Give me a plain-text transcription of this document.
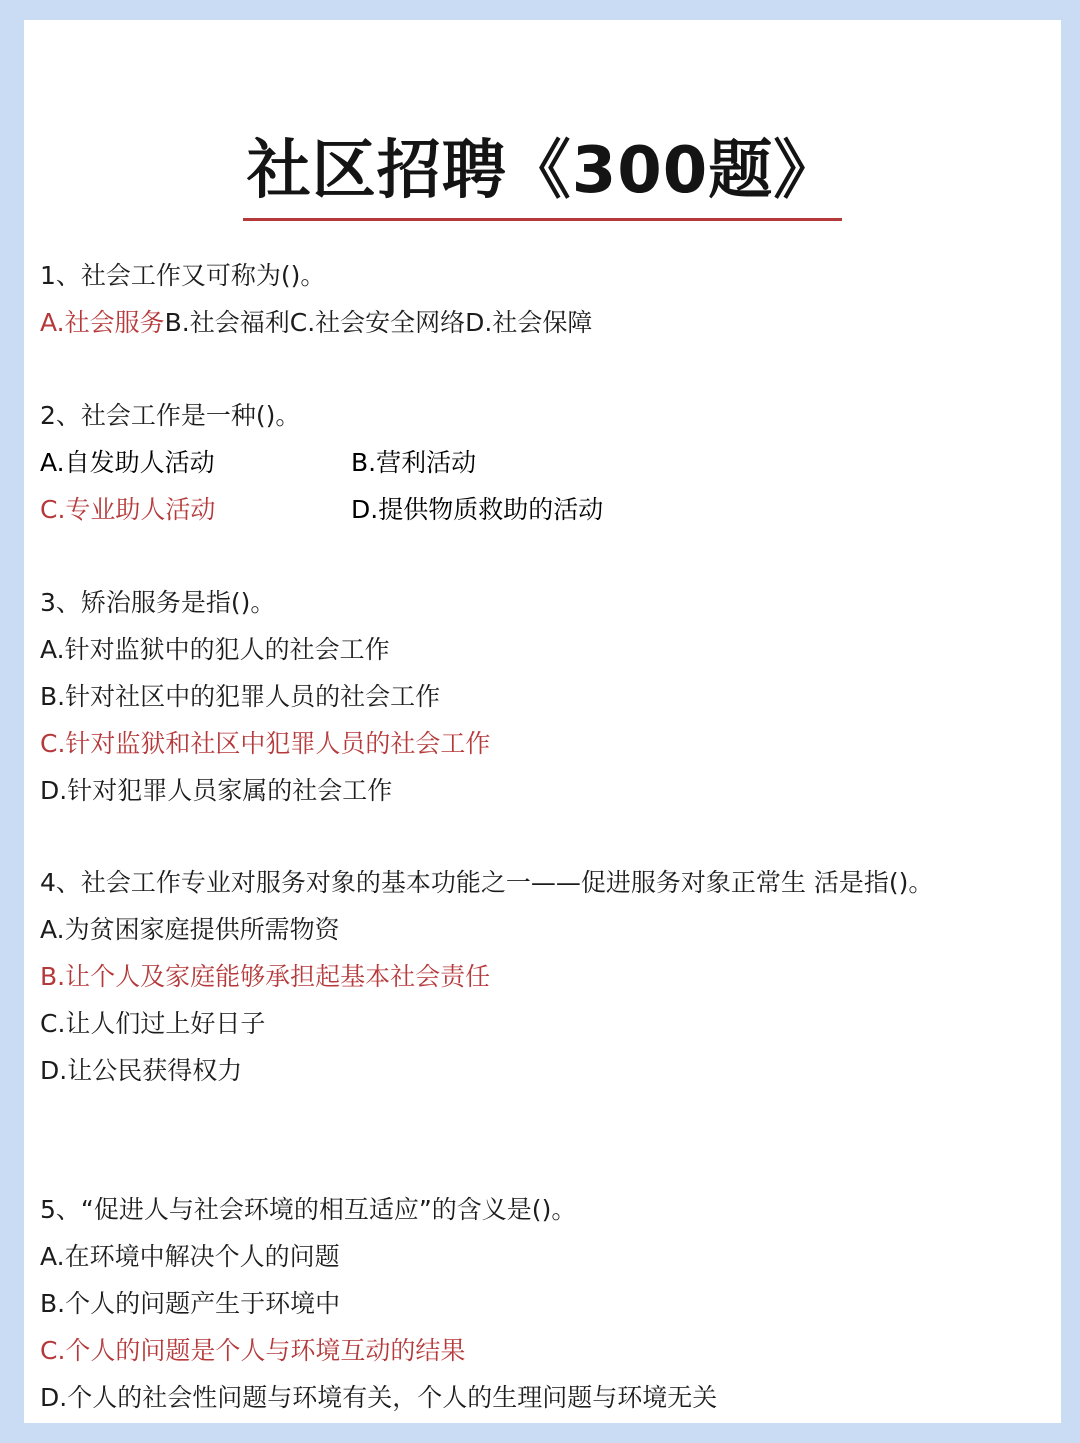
社区招聘《300题》
1、社会工作又可称为()。
A.社会服务B.社会福利C.社会安全网络D.社会保障
2、社会工作是一种()。
A.自发助人活动	B.营利活动
C.专业助人活动	D.提供物质救助的活动
3、矫治服务是指()。
A.针对监狱中的犯人的社会工作
B.针对社区中的犯罪人员的社会工作
C.针对监狱和社区中犯罪人员的社会工作
D.针对犯罪人员家属的社会工作
4、社会工作专业对服务对象的基本功能之一——促进服务对象正常生 活是指()。
A.为贫困家庭提供所需物资
B.让个人及家庭能够承担起基本社会责任
C.让人们过上好日子
D.让公民获得权力
5、“促进人与社会环境的相互适应”的含义是()。
A.在环境中解决个人的问题
B.个人的问题产生于环境中
C.个人的问题是个人与环境互动的结果
D.个人的社会性问题与环境有关，个人的生理问题与环境无关
